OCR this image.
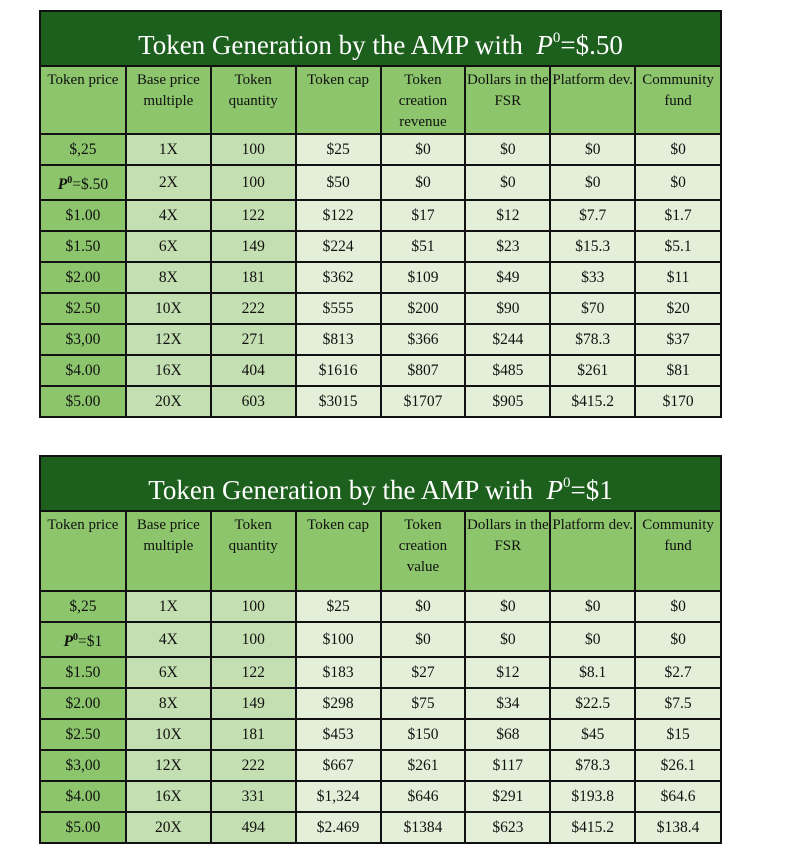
Token Generation by the AMP with $P^0=\$.50$
Token price	Base price multiple	Token quantity	Token cap	Token creation revenue	Dollars in the FSR	Platform dev.	Community fund
$,25	1X	100	$25	$0	$0	$0	$0
$P^0=\$.50$	2X	100	$50	$0	$0	$0	$0
$1.00	4X	122	$122	$17	$12	$7.7	$1.7
$1.50	6X	149	$224	$51	$23	$15.3	$5.1
$2.00	8X	181	$362	$109	$49	$33	$11
$2.50	10X	222	$555	$200	$90	$70	$20
$3,00	12X	271	$813	$366	$244	$78.3	$37
$4.00	16X	404	$1616	$807	$485	$261	$81
$5.00	20X	603	$3015	$1707	$905	$415.2	$170
Token Generation by the AMP with $P^0=\$1$
Token price	Base price multiple	Token quantity	Token cap	Token creation value	Dollars in the FSR	Platform dev.	Community fund
$,25	1X	100	$25	$0	$0	$0	$0
$P^0=\$1$	4X	100	$100	$0	$0	$0	$0
$1.50	6X	122	$183	$27	$12	$8.1	$2.7
$2.00	8X	149	$298	$75	$34	$22.5	$7.5
$2.50	10X	181	$453	$150	$68	$45	$15
$3,00	12X	222	$667	$261	$117	$78.3	$26.1
$4.00	16X	331	$1,324	$646	$291	$193.8	$64.6
$5.00	20X	494	$2.469	$1384	$623	$415.2	$138.4
